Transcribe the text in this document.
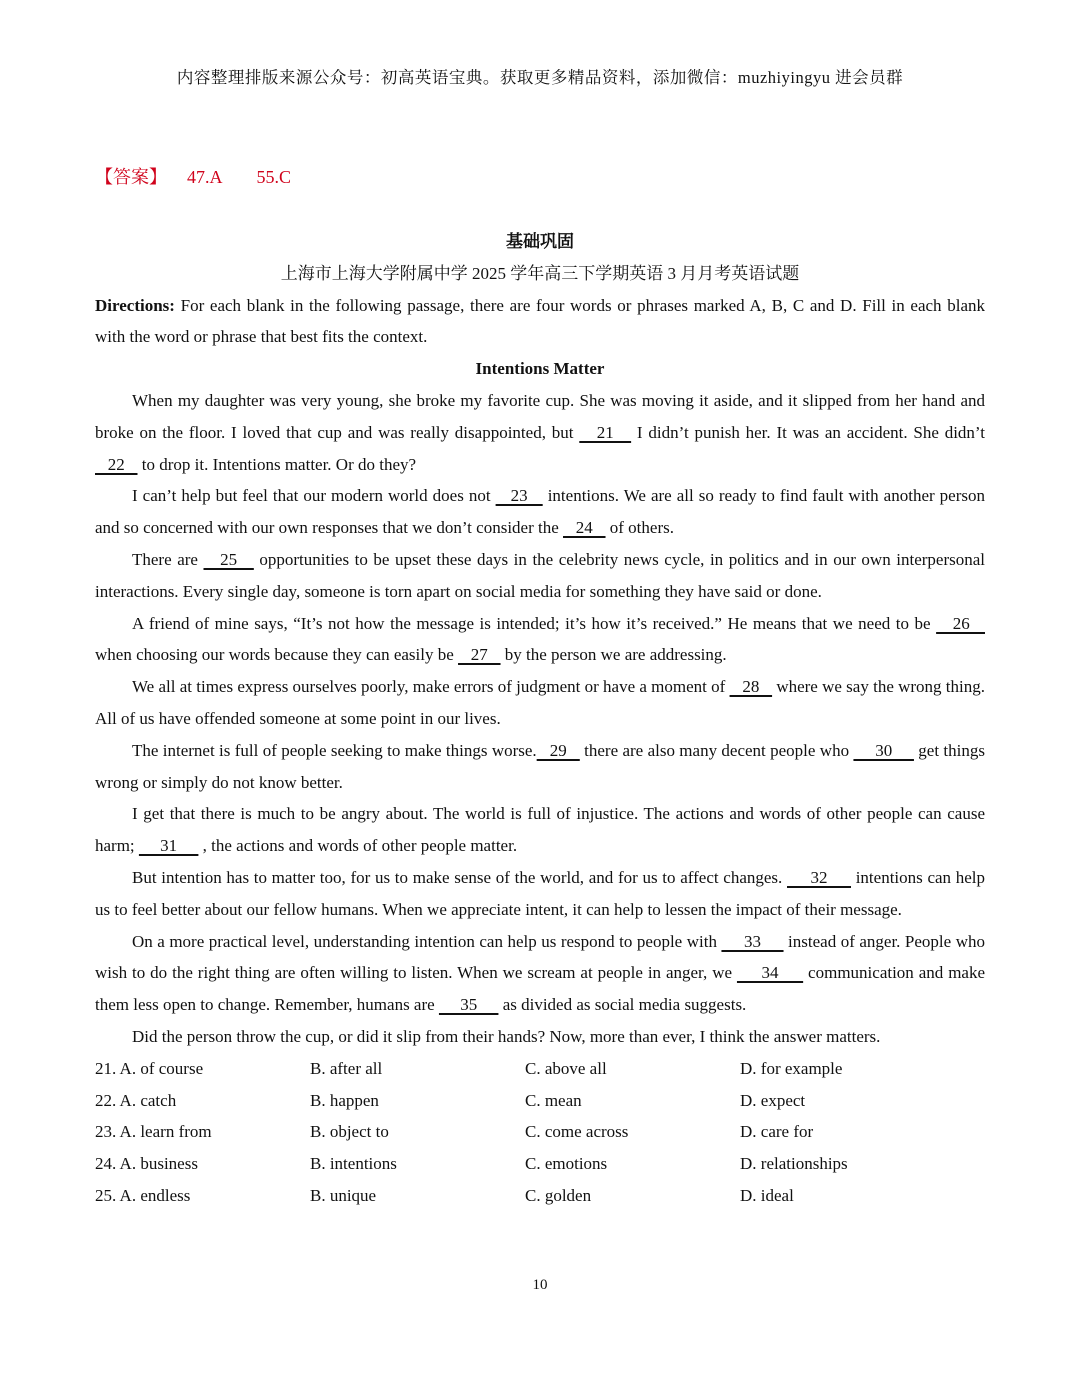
内容整理排版来源公众号：初高英语宝典。获取更多精品资料，添加微信：muzhiyingyu 进会员群
【答案】 47.A 55.C
基础巩固
上海市上海大学附属中学 2025 学年高三下学期英语 3 月月考英语试题

Directions: For each blank in the following passage, there are four words or phrases marked A, B, C and D. Fill in each blank with the word or phrase that best fits the context.

Intentions Matter

When my daughter was very young, she broke my favorite cup. She was moving it aside, and it slipped from her hand and broke on the floor. I loved that cup and was really disappointed, but    21    I didn’t punish her. It was an accident. She didn’t    22    to drop it. Intentions matter. Or do they?

I can’t help but feel that our modern world does not    23    intentions. We are all so ready to find fault with another person and so concerned with our own responses that we don’t consider the    24    of others.

There are    25    opportunities to be upset these days in the celebrity news cycle, in politics and in our own interpersonal interactions. Every single day, someone is torn apart on social media for something they have said or done.

A friend of mine says, “It’s not how the message is intended; it’s how it’s received.” He means that we need to be    26    when choosing our words because they can easily be    27    by the person we are addressing.

We all at times express ourselves poorly, make errors of judgment or have a moment of    28    where we say the wrong thing. All of us have offended someone at some point in our lives.

The internet is full of people seeking to make things worse.   29    there are also many decent people who      30      get things wrong or simply do not know better.

I get that there is much to be angry about. The world is full of injustice. The actions and words of other people can cause harm;      31      , the actions and words of other people matter.

But intention has to matter too, for us to make sense of the world, and for us to affect changes.      32      intentions can help us to feel better about our fellow humans. When we appreciate intent, it can help to lessen the impact of their message.

On a more practical level, understanding intention can help us respond to people with      33      instead of anger. People who wish to do the right thing are often willing to listen. When we scream at people in anger, we      34      communication and make them less open to change. Remember, humans are      35      as divided as social media suggests.

Did the person throw the cup, or did it slip from their hands? Now, more than ever, I think the answer matters.

21. A. of course	B. after all	C. above all	D. for example
22. A. catch	B. happen	C. mean	D. expect
23. A. learn from	B. object to	C. come across	D. care for
24. A. business	B. intentions	C. emotions	D. relationships
25. A. endless	B. unique	C. golden	D. ideal
10
